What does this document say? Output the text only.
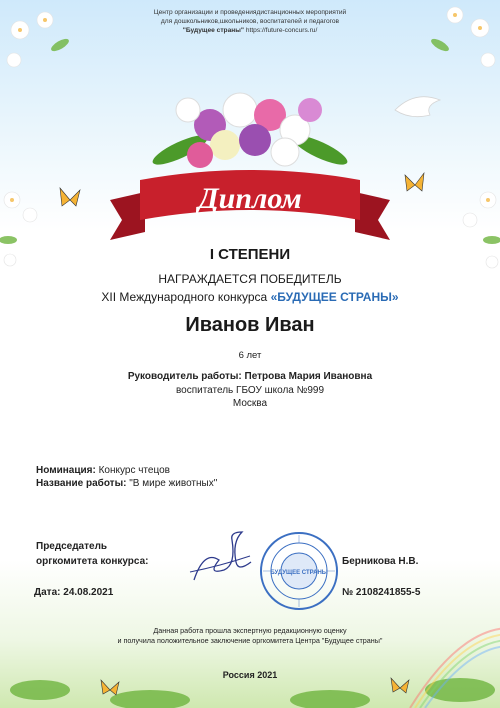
Центр организации и проведениядистанционных мероприятий
для дошкольников,школьников, воспитателей и педагогов
"Будущее страны" https://future-concurs.ru/
Диплом
I СТЕПЕНИ
НАГРАЖДАЕТСЯ ПОБЕДИТЕЛЬ
XII Международного конкурса «БУДУЩЕЕ СТРАНЫ»
Иванов Иван
6 лет
Руководитель работы: Петрова Мария Ивановна
воспитатель ГБОУ школа №999
Москва
Номинация: Конкурс чтецов
Название работы: "В мире животных"
Председатель
оргкомитета конкурса:
Дата: 24.08.2021
Берникова Н.В.
№ 2108241855-5
БУДУЩЕЕ СТРАНЫ
Данная работа прошла экспертную редакционную оценку
и получила положительное заключение оргкомитета Центра "Будущее страны"
Россия 2021
